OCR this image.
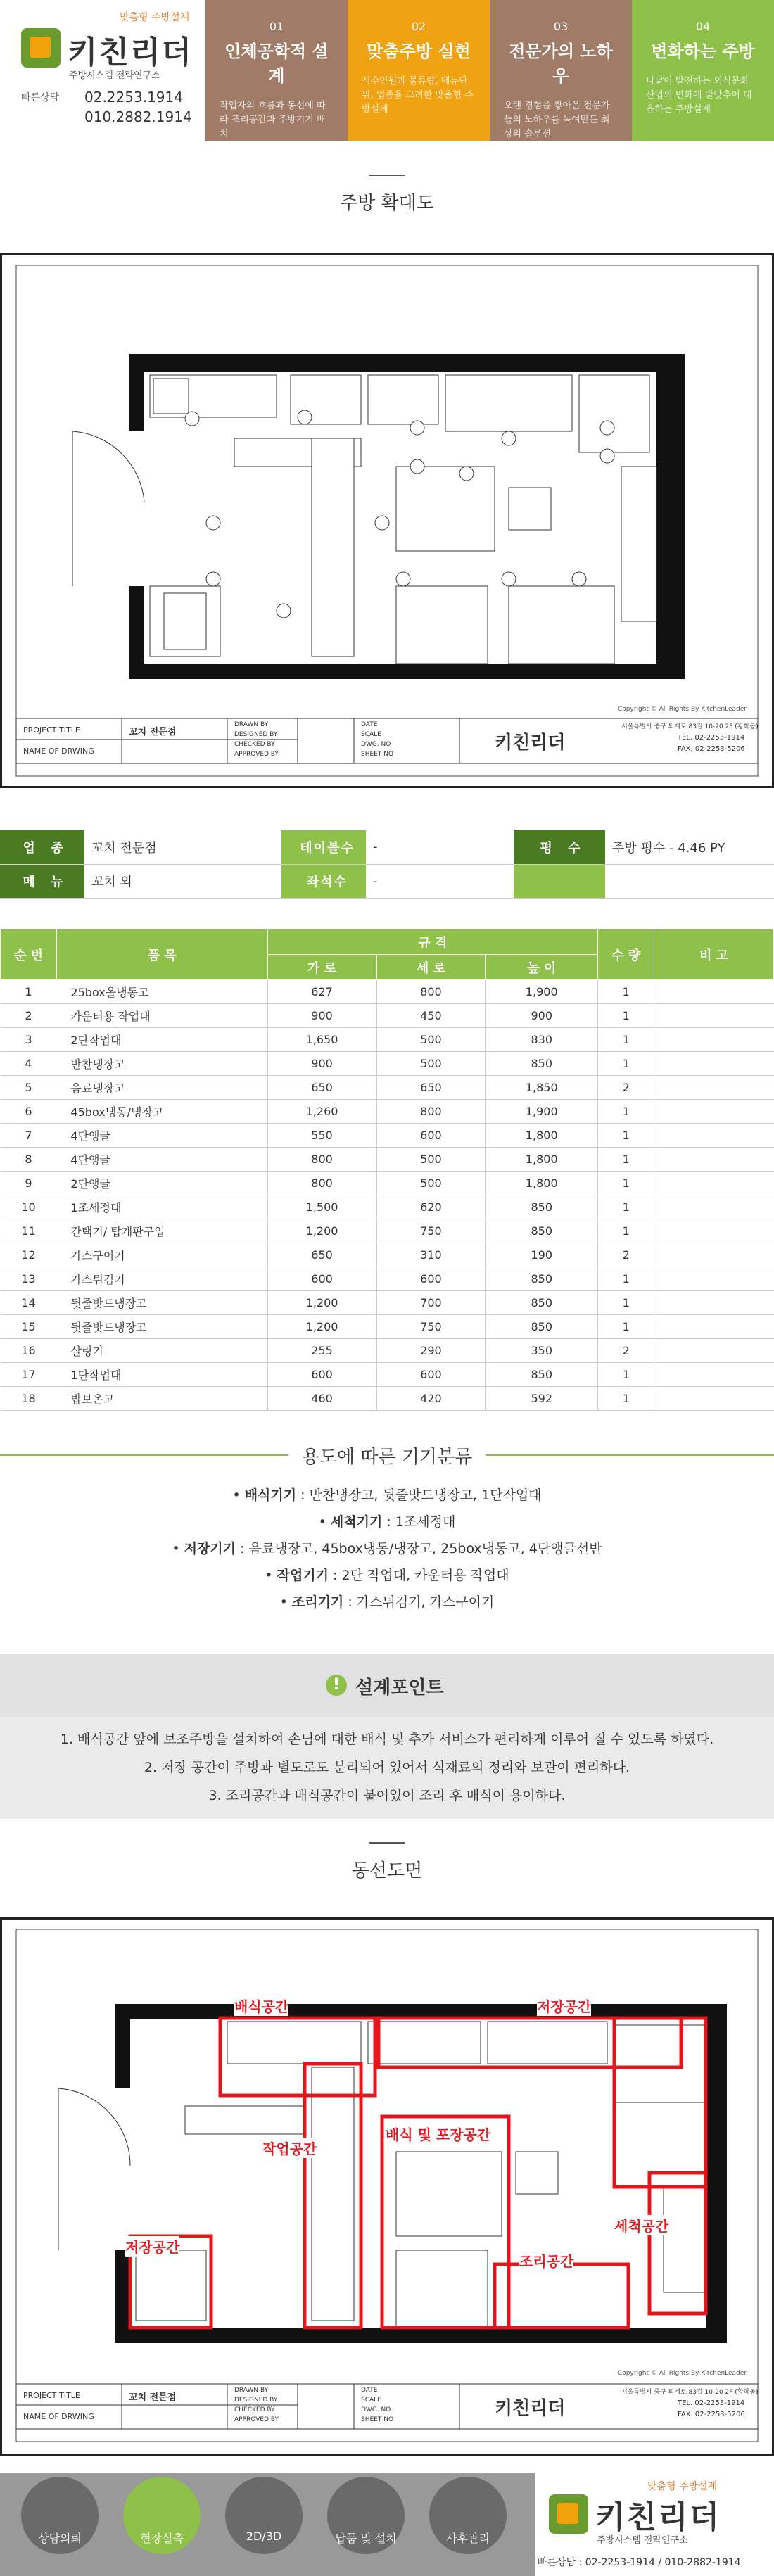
맞춤형 주방설계
키친리더
주방시스템 전략연구소
빠른상담 02.2253.1914
010.2882.1914
01
인체공학적 설계
작업자의 흐름과 동선에 따라 조리공간과 주방기기 배치
02
맞춤주방 실현
식수인원과 물류량, 메뉴단위, 업종을 고려한 맞춤형 주방설계
03
전문가의 노하우
오랜 경험을 쌓아온 전문가들의 노하우를 녹여만든 최상의 솔루션
04
변화하는 주방
나날이 발전하는 외식문화 산업의 변화에 발맞추어 대응하는 주방설계
주방 확대도
Copyright © All Rights By KitchenLeader
PROJECT TITLE	꼬치 전문점
NAME OF DRWING
DRAWN BY
DESIGNED BY
CHECKED BY
APPROVED BY
DATE
SCALE
DWG. NO
SHEET NO
키친리더
서울특별시 중구 퇴계로 83길 10-20 2F (황학동)
TEL. 02-2253-1914
FAX. 02-2253-5206
업 종	꼬치 전문점	테이블수	-	평 수	주방 평수 - 4.46 PY
메 뉴	꼬치 외	좌석수	-		
순 번	품 목	규 격			수 량	비 고
		가 로	세 로	높 이		
1	25box올냉동고	627	800	1,900	1	
2	카운터용 작업대	900	450	900	1	
3	2단작업대	1,650	500	830	1	
4	반찬냉장고	900	500	850	1	
5	음료냉장고	650	650	1,850	2	
6	45box냉동/냉장고	1,260	800	1,900	1	
7	4단앵글	550	600	1,800	1	
8	4단앵글	800	500	1,800	1	
9	2단앵글	800	500	1,800	1	
10	1조세정대	1,500	620	850	1	
11	간택기/ 탑개판구입	1,200	750	850	1	
12	가스구이기	650	310	190	2	
13	가스튀김기	600	600	850	1	
14	뒷줄밧드냉장고	1,200	700	850	1	
15	뒷줄밧드냉장고	1,200	750	850	1	
16	살링기	255	290	350	2	
17	1단작업대	600	600	850	1	
18	밥보온고	460	420	592	1	
용도에 따른 기기분류
• 배식기기 : 반찬냉장고, 뒷줄밧드냉장고, 1단작업대
• 세척기기 : 1조세정대
• 저장기기 : 음료냉장고, 45box냉동/냉장고, 25box냉동고, 4단앵글선반
• 작업기기 : 2단 작업대, 카운터용 작업대
• 조리기기 : 가스튀김기, 가스구이기
! 설계포인트
1. 배식공간 앞에 보조주방을 설치하여 손님에 대한 배식 및 추가 서비스가 편리하게 이루어 질 수 있도록 하였다.
2. 저장 공간이 주방과 별도로도 분리되어 있어서 식재료의 정리와 보관이 편리하다.
3. 조리공간과 배식공간이 붙어있어 조리 후 배식이 용이하다.
동선도면
배식공간	저장공간
작업공간
배식 및 포장공간
세척공간
저장공간
조리공간
Copyright © All Rights By KitchenLeader
PROJECT TITLE	꼬치 전문점
NAME OF DRWING
DRAWN BY
DESIGNED BY
CHECKED BY
APPROVED BY
DATE
SCALE
DWG. NO
SHEET NO
키친리더
서울특별시 중구 퇴계로 83길 10-20 2F (황학동)
TEL. 02-2253-1914
FAX. 02-2253-5206
상담의뢰	현장실측	2D/3D	납품 및 설치	사후관리
맞춤형 주방설계
키친리더
주방시스템 전략연구소
빠른상담 : 02-2253-1914 / 010-2882-1914
